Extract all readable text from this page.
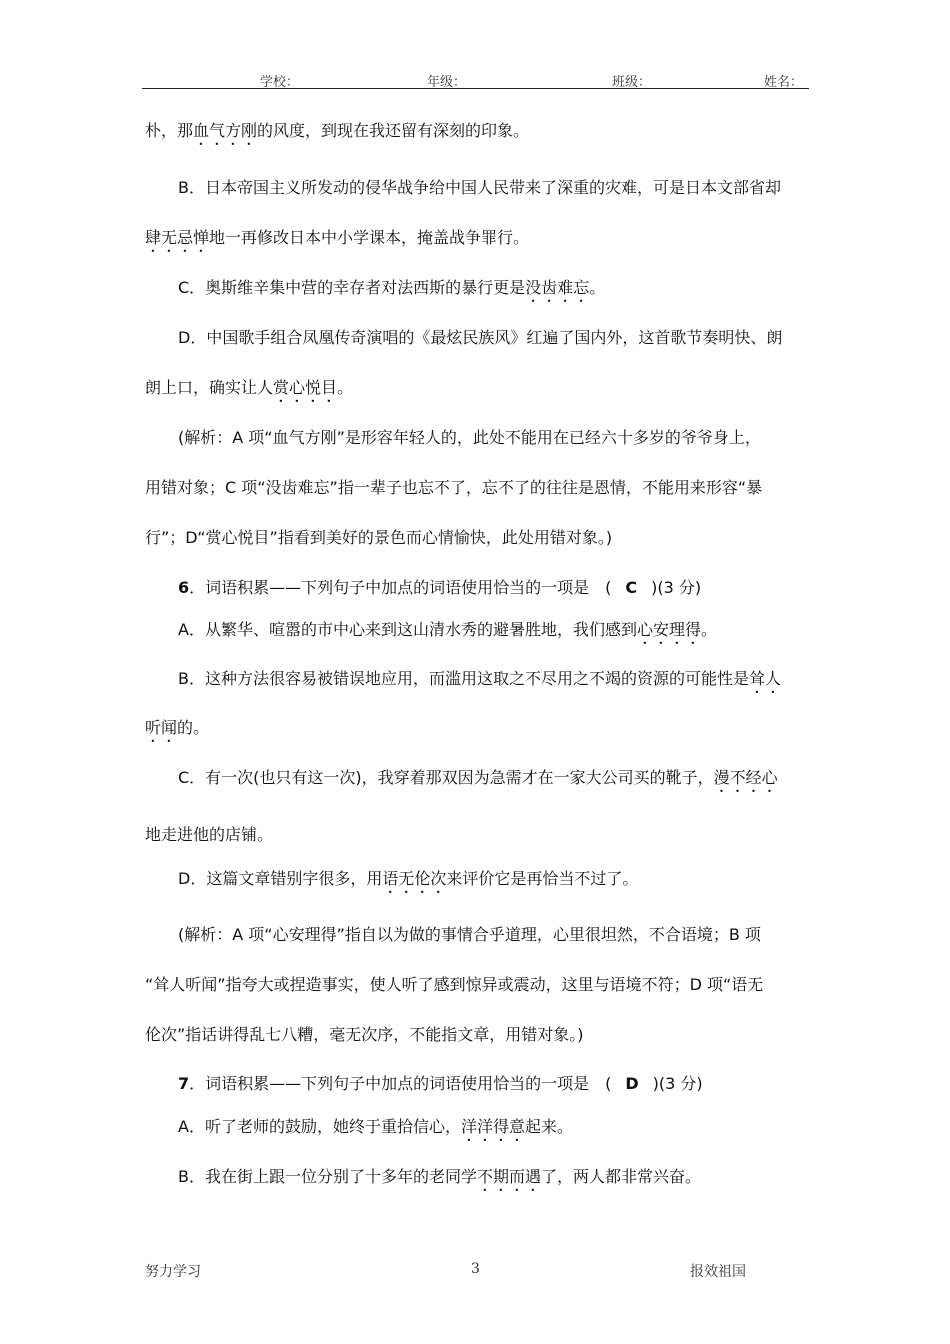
学校：	年级：	班级：	姓名：
朴，那血气方刚的风度，到现在我还留有深刻的印象。
B．日本帝国主义所发动的侵华战争给中国人民带来了深重的灾难，可是日本文部省却
肆无忌惮地一再修改日本中小学课本，掩盖战争罪行。
C．奥斯维辛集中营的幸存者对法西斯的暴行更是没齿难忘。
D．中国歌手组合凤凰传奇演唱的《最炫民族风》红遍了国内外，这首歌节奏明快、朗
朗上口，确实让人赏心悦目。
(解析：A 项“血气方刚”是形容年轻人的，此处不能用在已经六十多岁的爷爷身上，
用错对象；C 项“没齿难忘”指一辈子也忘不了，忘不了的往往是恩情，不能用来形容“暴
行”；D“赏心悦目”指看到美好的景色而心情愉快，此处用错对象。)
6．词语积累——下列句子中加点的词语使用恰当的一项是　( C )(3 分)
A．从繁华、喧嚣的市中心来到这山清水秀的避暑胜地，我们感到心安理得。
B．这种方法很容易被错误地应用，而滥用这取之不尽用之不竭的资源的可能性是耸人
听闻的。
C．有一次(也只有这一次)，我穿着那双因为急需才在一家大公司买的靴子，漫不经心
地走进他的店铺。
D．这篇文章错别字很多，用语无伦次来评价它是再恰当不过了。
(解析：A 项“心安理得”指自以为做的事情合乎道理，心里很坦然，不合语境；B 项
“耸人听闻”指夸大或捏造事实，使人听了感到惊异或震动，这里与语境不符；D 项“语无
伦次”指话讲得乱七八糟，毫无次序，不能指文章，用错对象。)
7．词语积累——下列句子中加点的词语使用恰当的一项是　( D )(3 分)
A．听了老师的鼓励，她终于重拾信心，洋洋得意起来。
B．我在街上跟一位分别了十多年的老同学不期而遇了，两人都非常兴奋。
努力学习	3	报效祖国
